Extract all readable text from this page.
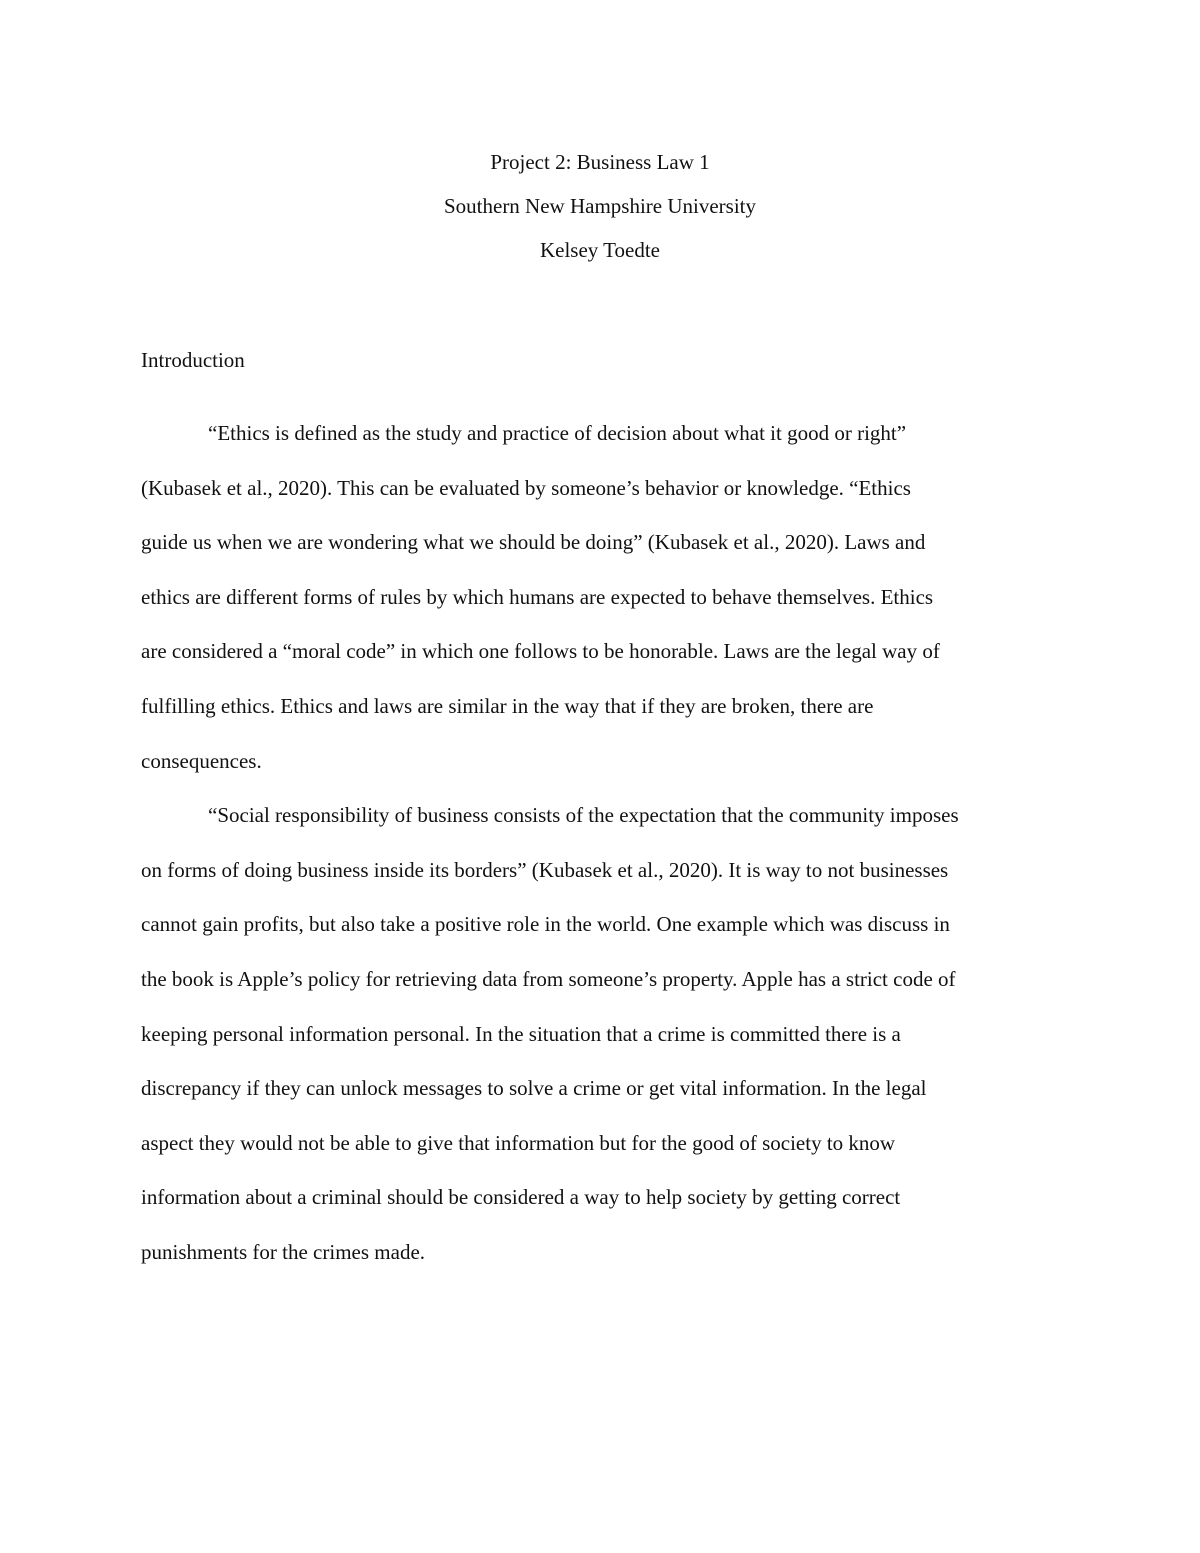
Project 2: Business Law 1
Southern New Hampshire University
Kelsey Toedte
Introduction
“Ethics is defined as the study and practice of decision about what it good or right”
(Kubasek et al., 2020). This can be evaluated by someone’s behavior or knowledge. “Ethics
guide us when we are wondering what we should be doing” (Kubasek et al., 2020). Laws and
ethics are different forms of rules by which humans are expected to behave themselves. Ethics
are considered a “moral code” in which one follows to be honorable. Laws are the legal way of
fulfilling ethics. Ethics and laws are similar in the way that if they are broken, there are
consequences.
“Social responsibility of business consists of the expectation that the community imposes
on forms of doing business inside its borders” (Kubasek et al., 2020). It is way to not businesses
cannot gain profits, but also take a positive role in the world. One example which was discuss in
the book is Apple’s policy for retrieving data from someone’s property. Apple has a strict code of
keeping personal information personal. In the situation that a crime is committed there is a
discrepancy if they can unlock messages to solve a crime or get vital information. In the legal
aspect they would not be able to give that information but for the good of society to know
information about a criminal should be considered a way to help society by getting correct
punishments for the crimes made.
